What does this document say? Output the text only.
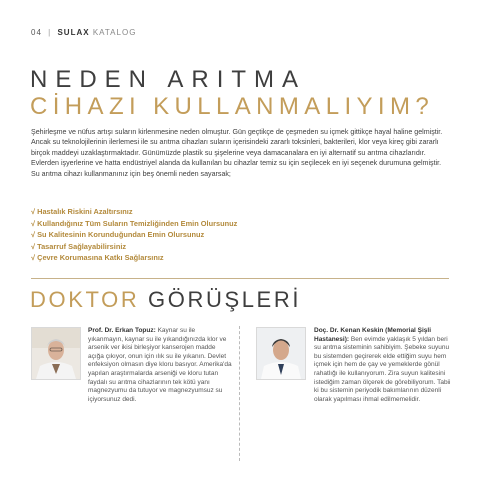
04 | SULAX KATALOG
NEDEN ARITMA
CİHAZI KULLANMALIYIM?
Şehirleşme ve nüfus artışı suların kirlenmesine neden olmuştur. Gün geçtikçe de çeşmeden su içmek gittikçe hayal haline gelmiştir. Ancak su teknolojilerinin ilerlemesi ile su arıtma cihazları suların içerisindeki zararlı toksinleri, bakterileri, klor veya kireç gibi zararlı birçok maddeyi uzaklaştırmaktadır. Günümüzde plastik su şişelerine veya damacanalara en iyi alternatif su arıtma cihazlarıdır. Evlerden işyerlerine ve hatta endüstriyel alanda da kullanılan bu cihazlar temiz su için seçilecek en iyi seçenek durumuna gelmiştir. Su arıtma cihazı kullanmanınız için beş önemli neden sayarsak;
√ Hastalık Riskini Azaltırsınız
√ Kullandığınız Tüm Suların Temizliğinden Emin Olursunuz
√ Su Kalitesinin Korunduğundan Emin Olursunuz
√ Tasarruf Sağlayabilirsiniz
√ Çevre Korumasına Katkı Sağlarsınız
DOKTOR GÖRÜŞLERİ
Prof. Dr. Erkan Topuz: Kaynar su ile yıkanmayın, kaynar su ile yıkandığınızda klor ve arsenik ver ikisi birleşiyor kanserojen madde açığa çıkıyor, onun için ılık su ile yıkanın. Devlet enfeksiyon olmasın diye kloru basıyor. Amerika'da yapılan araştırmalarda arseniği ve kloru tutan faydalı su arıtma cihazlarının tek kötü yanı magnezyumu da tutuyor ve magnezyumsuz su içiyorsunuz dedi.
Doç. Dr. Kenan Keskin (Memorial Şişli Hastanesi): Ben evimde yaklaşık 5 yıldan beri su arıtma sisteminin sahibiyim. Şebeke suyunu bu sistemden geçirerek elde ettiğim suyu hem içmek için hem de çay ve yemeklerde gönül rahatlığı ile kullanıyorum. Zira suyun kalitesini istediğim zaman ölçerek de görebiliyorum. Tabii ki bu sistemin periyodik bakımlarının düzenli olarak yapılması ihmal edilmemelidir.
